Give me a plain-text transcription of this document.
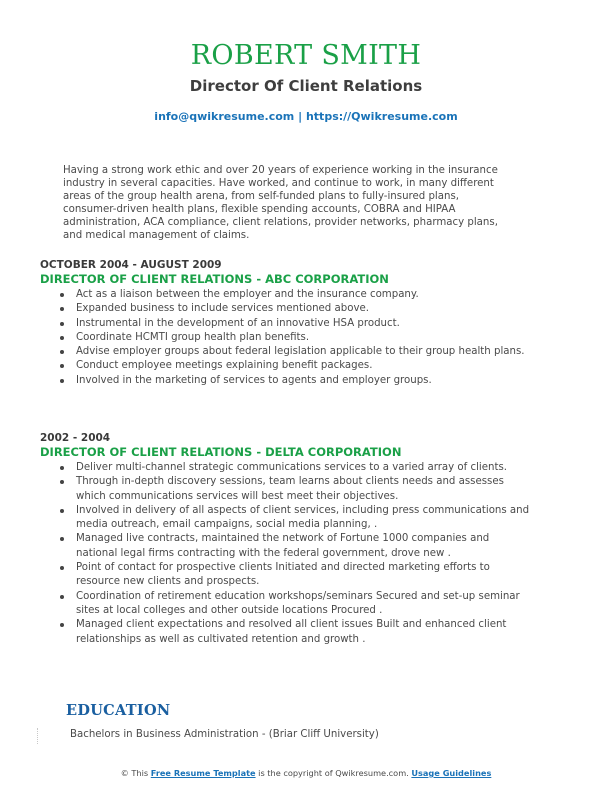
ROBERT SMITH
Director Of Client Relations
info@qwikresume.com | https://Qwikresume.com
Having a strong work ethic and over 20 years of experience working in the insurance industry in several capacities. Have worked, and continue to work, in many different areas of the group health arena, from self-funded plans to fully-insured plans, consumer-driven health plans, flexible spending accounts, COBRA and HIPAA administration, ACA compliance, client relations, provider networks, pharmacy plans, and medical management of claims.
OCTOBER 2004 - AUGUST 2009
DIRECTOR OF CLIENT RELATIONS - ABC CORPORATION
Act as a liaison between the employer and the insurance company.
Expanded business to include services mentioned above.
Instrumental in the development of an innovative HSA product.
Coordinate HCMTI group health plan benefits.
Advise employer groups about federal legislation applicable to their group health plans.
Conduct employee meetings explaining benefit packages.
Involved in the marketing of services to agents and employer groups.
2002 - 2004
DIRECTOR OF CLIENT RELATIONS - DELTA CORPORATION
Deliver multi-channel strategic communications services to a varied array of clients.
Through in-depth discovery sessions, team learns about clients needs and assesses which communications services will best meet their objectives.
Involved in delivery of all aspects of client services, including press communications and media outreach, email campaigns, social media planning, .
Managed live contracts, maintained the network of Fortune 1000 companies and national legal firms contracting with the federal government, drove new .
Point of contact for prospective clients Initiated and directed marketing efforts to resource new clients and prospects.
Coordination of retirement education workshops/seminars Secured and set-up seminar sites at local colleges and other outside locations Procured .
Managed client expectations and resolved all client issues Built and enhanced client relationships as well as cultivated retention and growth .
EDUCATION
Bachelors in Business Administration - (Briar Cliff University)
© This Free Resume Template is the copyright of Qwikresume.com. Usage Guidelines
